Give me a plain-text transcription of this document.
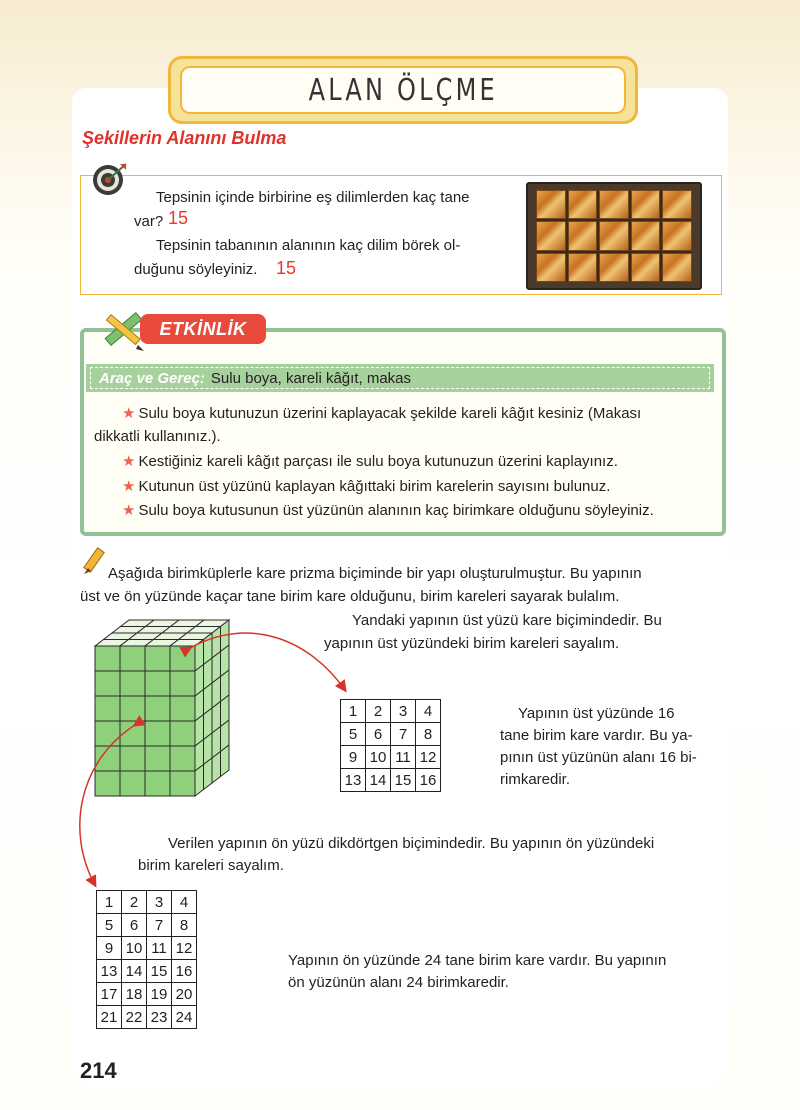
ALAN ÖLÇME
Şekillerin Alanını Bulma
Tepsinin içinde birbirine eş dilimlerden kaç tane
var? 15
Tepsinin tabanının alanının kaç dilim börek ol-
duğunu söyleyiniz. 15
ETKİNLİK
Araç ve Gereç: Sulu boya, kareli kâğıt, makas
★ Sulu boya kutunuzun üzerini kaplayacak şekilde kareli kâğıt kesiniz (Makası
dikkatli kullanınız.).
★ Kestiğiniz kareli kâğıt parçası ile sulu boya kutunuzun üzerini kaplayınız.
★ Kutunun üst yüzünü kaplayan kâğıttaki birim karelerin sayısını bulunuz.
★ Sulu boya kutusunun üst yüzünün alanının kaç birimkare olduğunu söyleyiniz.
Aşağıda birimküplerle kare prizma biçiminde bir yapı oluşturulmuştur. Bu yapının
üst ve ön yüzünde kaçar tane birim kare olduğunu, birim kareleri sayarak bulalım.
Yandaki yapının üst yüzü kare biçimindedir. Bu
yapının üst yüzündeki birim kareleri sayalım.
1	2	3	4
5	6	7	8
9	10	11	12
13	14	15	16
Yapının üst yüzünde 16
tane birim kare vardır. Bu ya-
pının üst yüzünün alanı 16 bi-
rimkaredir.
Verilen yapının ön yüzü dikdörtgen biçimindedir. Bu yapının ön yüzündeki
birim kareleri sayalım.
1	2	3	4
5	6	7	8
9	10	11	12
13	14	15	16
17	18	19	20
21	22	23	24
Yapının ön yüzünde 24 tane birim kare vardır. Bu yapının
ön yüzünün alanı 24 birimkaredir.
214
